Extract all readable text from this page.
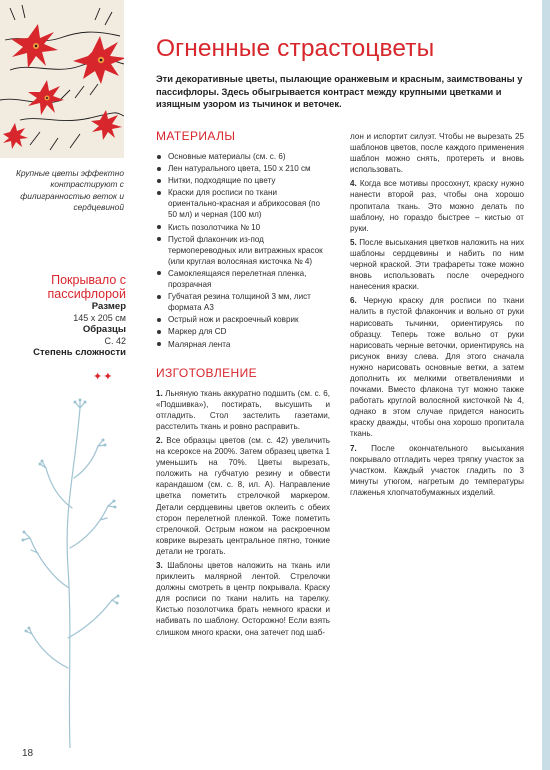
Крупные цветы эффектно контрастируют с филигранностью веток и сердцевиной
Покрывало с пассифлорой
Размер
145 х 205 см
Образцы
С. 42
Степень сложности
✦✦
18
Огненные страстоцветы

Эти декоративные цветы, пылающие оранжевым и красным, заимствованы у пассифлоры. Здесь обыгрывается контраст между крупными цветками и изящным узором из тычинок и веточек.

МАТЕРИАЛЫ
Основные материалы (см. с. 6)
Лен натурального цвета, 150 х 210 см
Нитки, подходящие по цвету
Краски для росписи по ткани ориентально-красная и абрикосовая (по 50 мл) и черная (100 мл)
Кисть позолотчика № 10
Пустой флакончик из-под термопереводных или витражных красок (или круглая волосяная кисточка № 4)
Самоклеящаяся перелетная пленка, прозрачная
Губчатая резина толщиной 3 мм, лист формата А3
Острый нож и раскроечный коврик
Маркер для CD
Малярная лента
ИЗГОТОВЛЕНИЕ

1. Льняную ткань аккуратно подшить (см. с. 6, «Подшивка»), постирать, высушить и отгладить. Стол застелить газетами, расстелить ткань и ровно расправить.

2. Все образцы цветов (см. с. 42) увеличить на ксероксе на 200%. Затем образец цветка 1 уменьшить на 70%. Цветы вырезать, положить на губчатую резину и обвести карандашом (см. с. 8, ил. А). Направление цветка пометить стрелочкой маркером. Детали сердцевины цветов оклеить с обеих сторон перелетной пленкой. Тоже пометить стрелочкой. Острым ножом на раскроечном коврике вырезать центральное пятно, тонкие детали не трогать.

3. Шаблоны цветов наложить на ткань или приклеить малярной лентой. Стрелочки должны смотреть в центр покрывала. Краску для росписи по ткани налить на тарелку. Кистью позолотчика брать немного краски и набивать по шаблону. Осторожно! Если взять слишком много краски, она затечет под шаб-

лон и испортит силуэт. Чтобы не вырезать 25 шаблонов цветов, после каждого применения шаблон можно снять, протереть и вновь использовать.

4. Когда все мотивы просохнут, краску нужно нанести второй раз, чтобы она хорошо пропитала ткань. Это можно делать по шаблону, но гораздо быстрее – кистью от руки.

5. После высыхания цветков наложить на них шаблоны сердцевины и набить по ним черной краской. Эти трафареты тоже можно вновь использовать после очередного нанесения краски.

6. Черную краску для росписи по ткани налить в пустой флакончик и вольно от руки нарисовать тычинки, ориентируясь по образцу. Теперь тоже вольно от руки нарисовать черные веточки, ориентируясь на рисунок внизу слева. Для этого сначала нужно нарисовать основные ветки, а затем дополнить их мелкими ответвлениями и почками. Вместо флакона тут можно также работать круглой волосяной кисточкой № 4, однако в этом случае придется наносить краску дважды, чтобы она хорошо пропитала ткань.

7. После окончательного высыхания покрывало отгладить через тряпку участок за участком. Каждый участок гладить по 3 минуты утюгом, нагретым до температуры глаженья хлопчатобумажных изделий.
